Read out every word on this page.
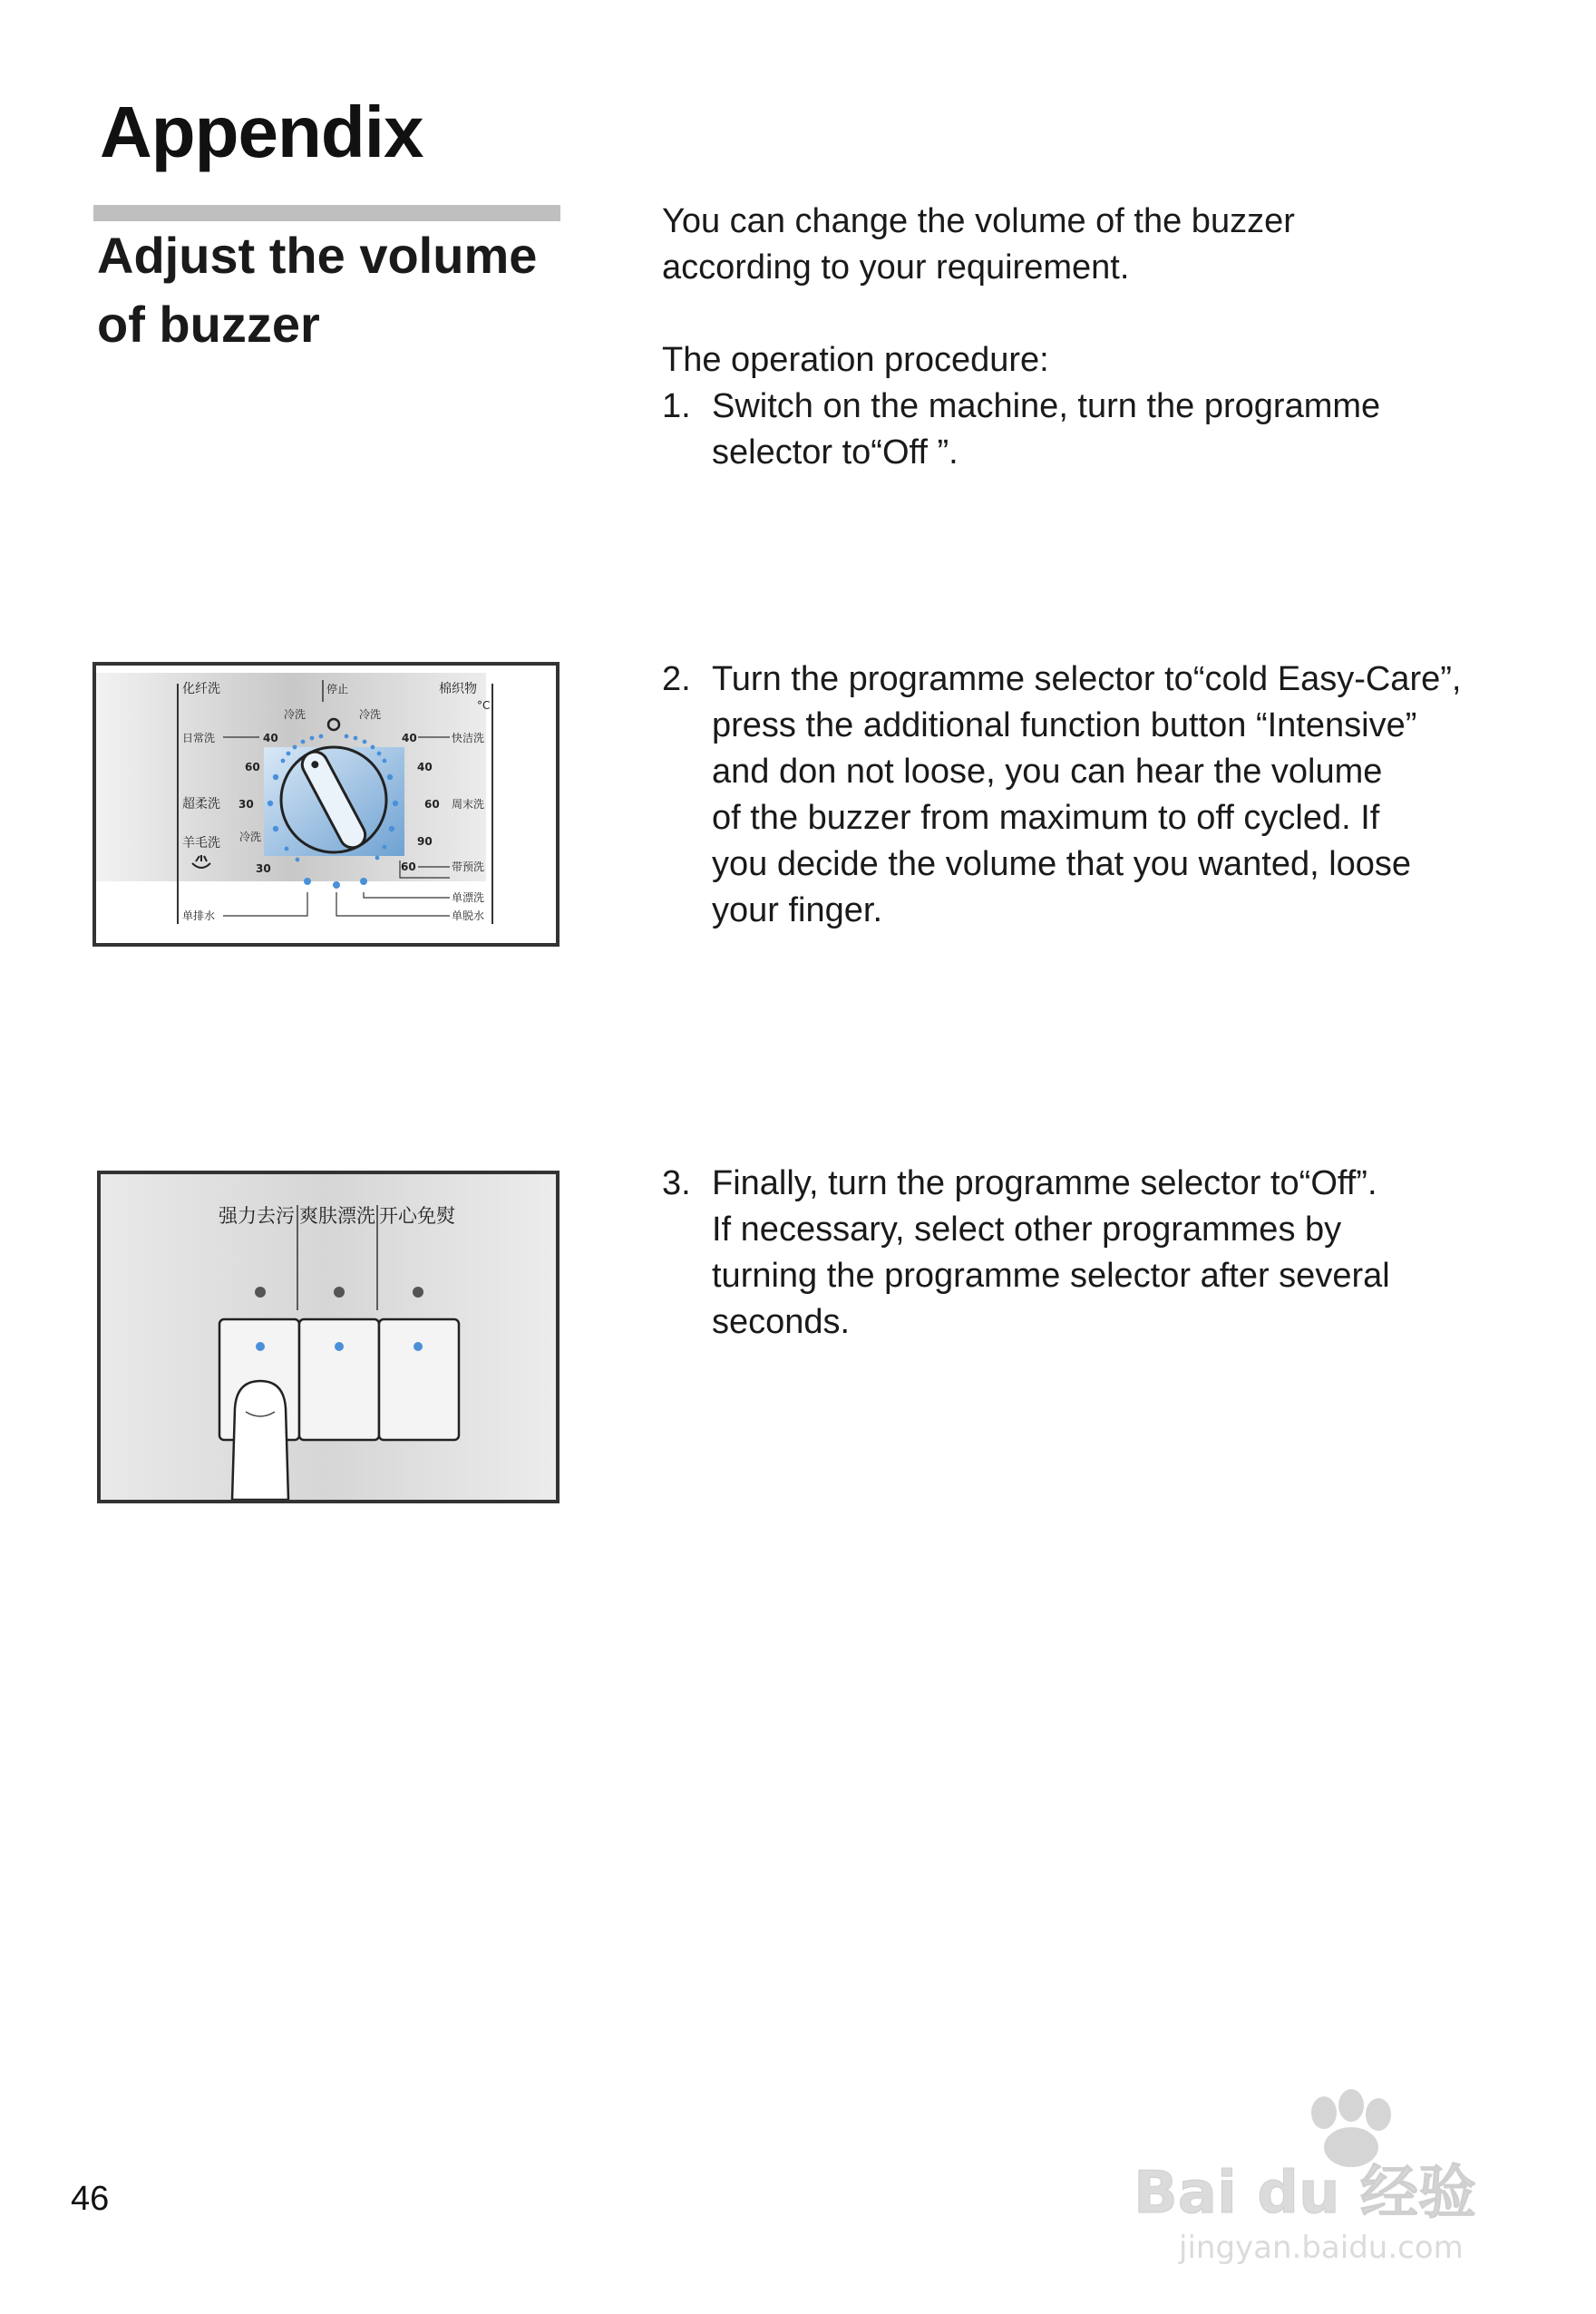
Appendix
Adjust the volume
of buzzer

You can change the volume of the buzzer

according to your requirement.

The operation procedure:

1. Switch on the machine, turn the programme

selector to“Off ”.

2. Turn the programme selector to“cold Easy-Care”,

press the additional function button “Intensive”

and don not loose, you can hear the volume

of the buzzer from maximum to off cycled. If

you decide the volume that you wanted, loose

your finger.

3. Finally, turn the programme selector to“Off”.

If necessary, select other programmes by

turning the programme selector after several

seconds.

化纤洗	停止	棉织物
°C
冷洗	冷洗
日常洗	快洁洗
超柔洗	周末洗
羊毛洗 冷洗
带预洗
单漂洗
单排水	单脱水
40
60
30
30
40
40
60
90
60
强力去污 爽肤漂洗 开心免熨
46	Bai du 经验
jingyan.baidu.com
